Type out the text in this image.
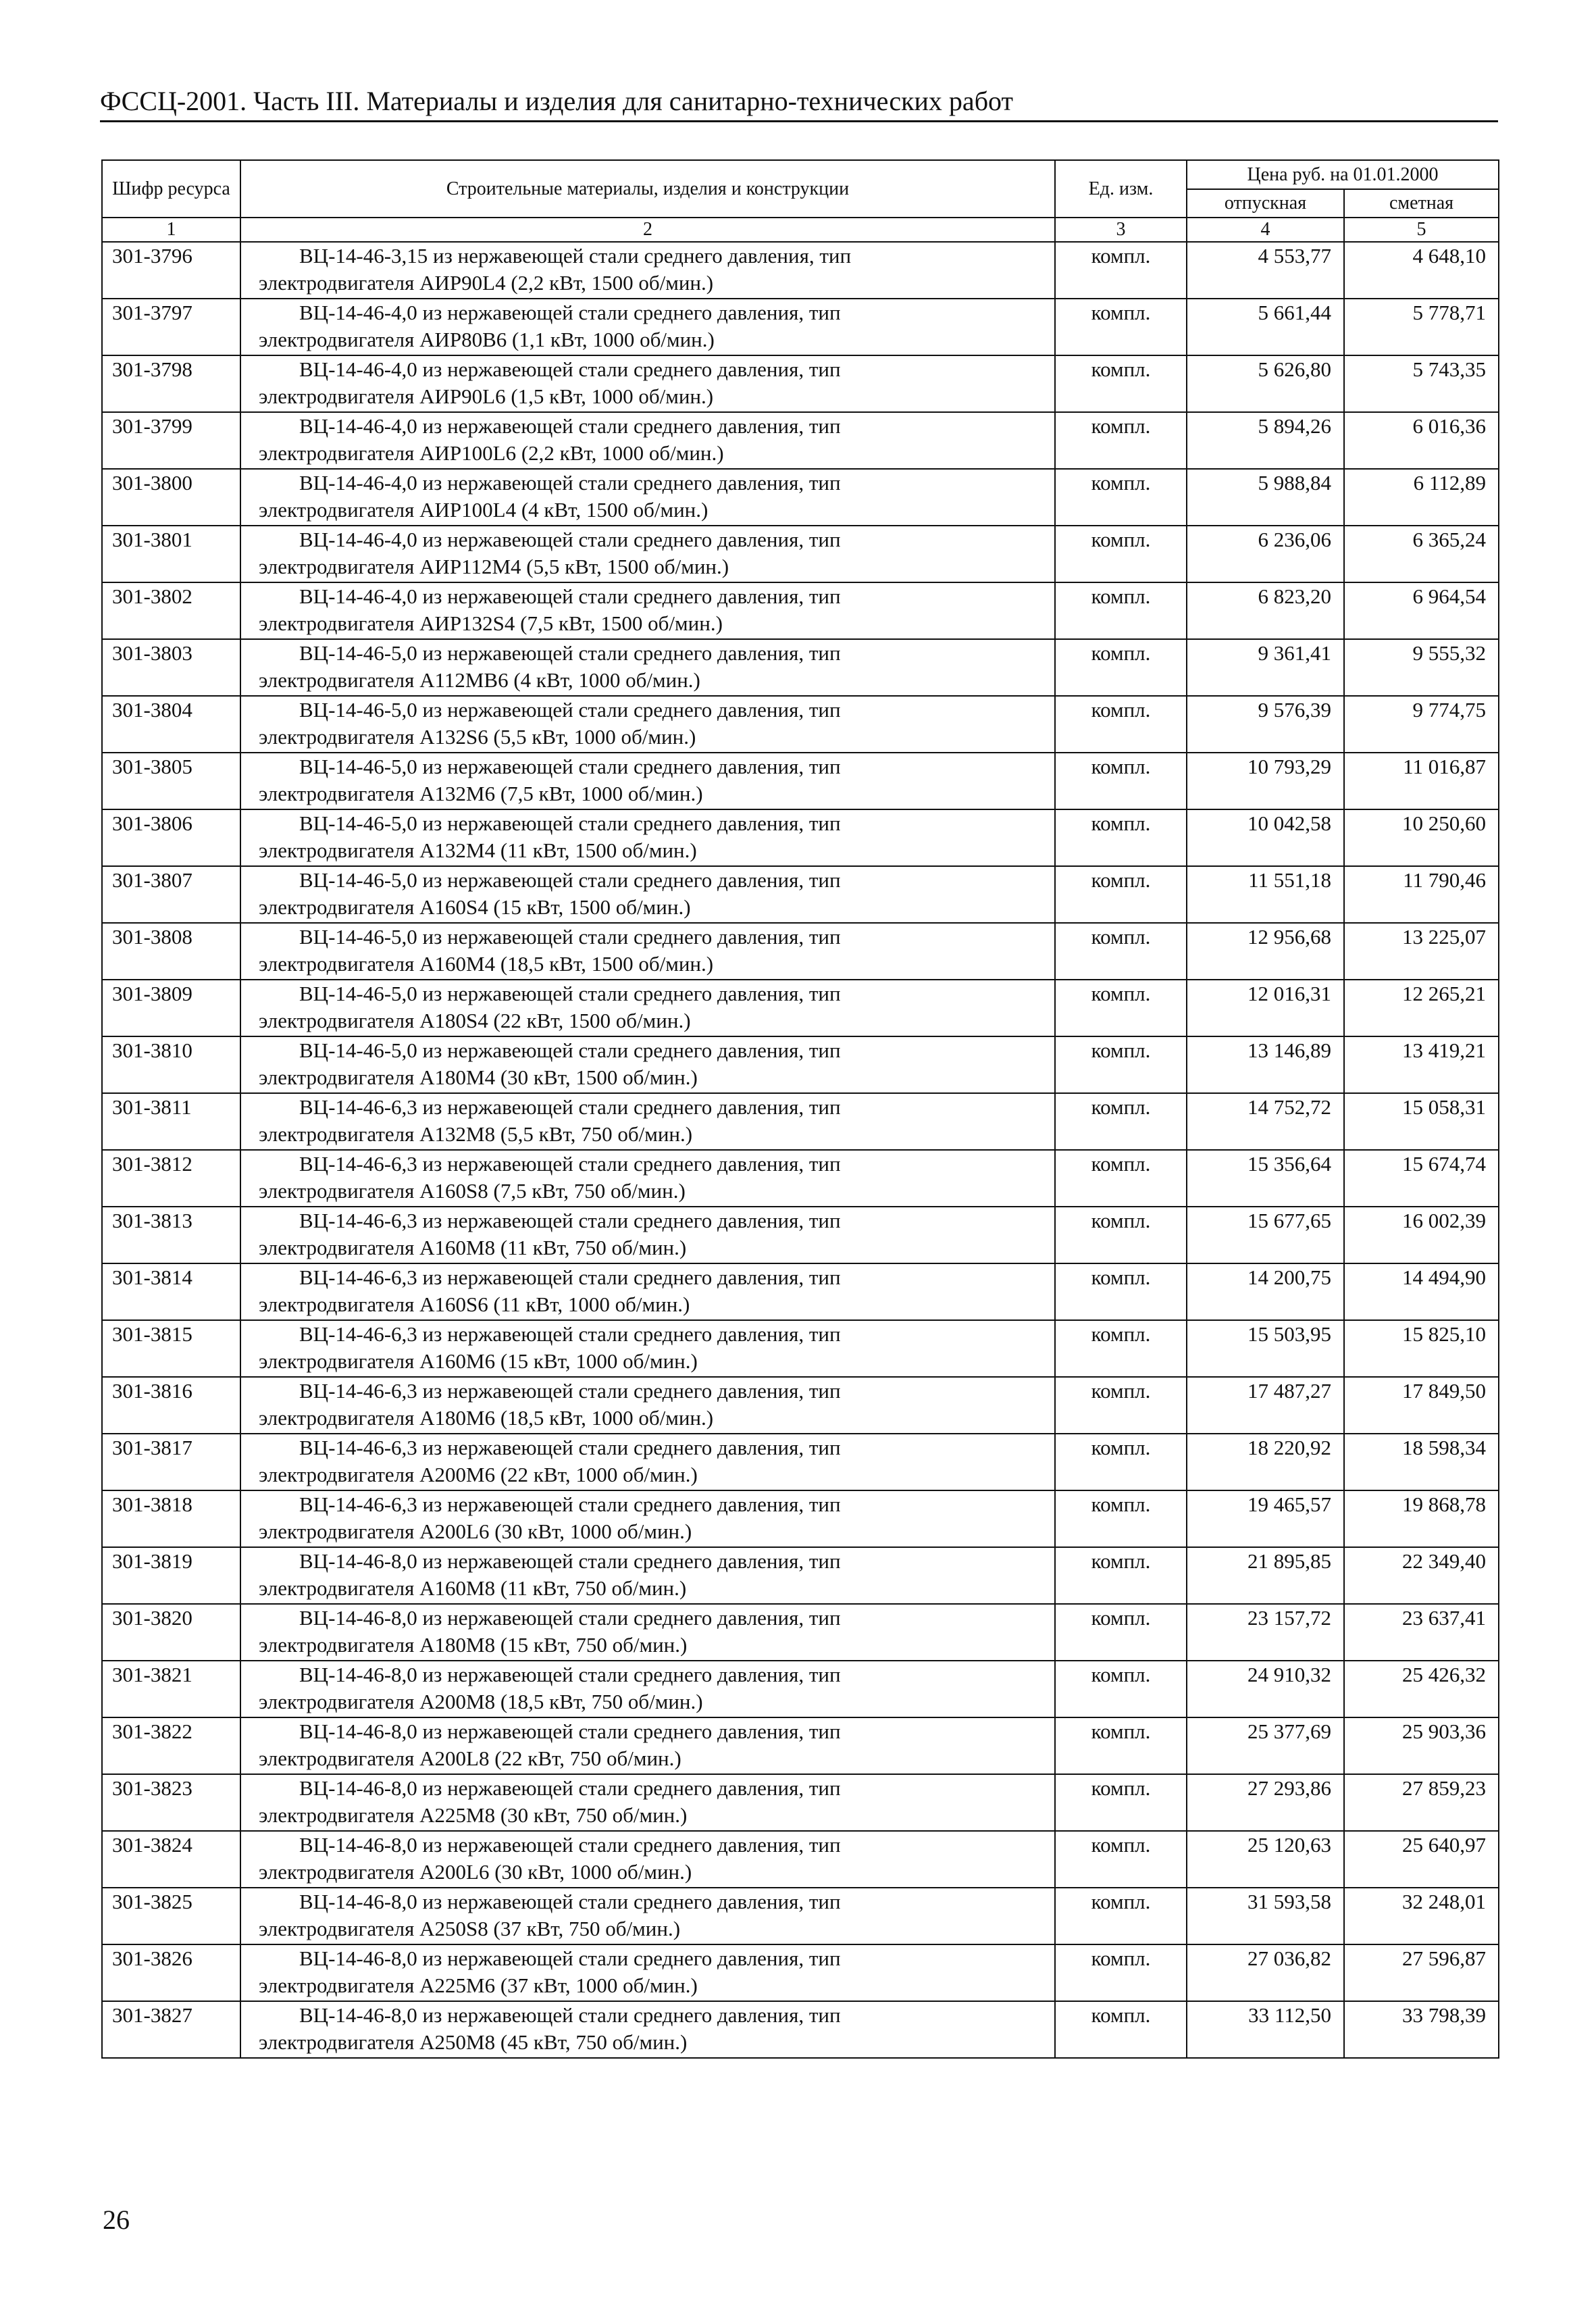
ФССЦ-2001. Часть III. Материалы и изделия для санитарно-технических работ
Шифр ресурса	Строительные материалы, изделия и конструкции	Ед. изм.	Цена руб. на 01.01.2000	
			отпускная	сметная
1	2	3	4	5
301-3796	ВЦ-14-46-3,15 из нержавеющей стали среднего давления, тип
электродвигателя АИР90L4 (2,2 кВт, 1500 об/мин.)	компл.	4 553,77	4 648,10
301-3797	ВЦ-14-46-4,0 из нержавеющей стали среднего давления, тип
электродвигателя АИР80В6 (1,1 кВт, 1000 об/мин.)	компл.	5 661,44	5 778,71
301-3798	ВЦ-14-46-4,0 из нержавеющей стали среднего давления, тип
электродвигателя АИР90L6 (1,5 кВт, 1000 об/мин.)	компл.	5 626,80	5 743,35
301-3799	ВЦ-14-46-4,0 из нержавеющей стали среднего давления, тип
электродвигателя АИР100L6 (2,2 кВт, 1000 об/мин.)	компл.	5 894,26	6 016,36
301-3800	ВЦ-14-46-4,0 из нержавеющей стали среднего давления, тип
электродвигателя АИР100L4 (4 кВт, 1500 об/мин.)	компл.	5 988,84	6 112,89
301-3801	ВЦ-14-46-4,0 из нержавеющей стали среднего давления, тип
электродвигателя АИР112М4 (5,5 кВт, 1500 об/мин.)	компл.	6 236,06	6 365,24
301-3802	ВЦ-14-46-4,0 из нержавеющей стали среднего давления, тип
электродвигателя АИР132S4 (7,5 кВт, 1500 об/мин.)	компл.	6 823,20	6 964,54
301-3803	ВЦ-14-46-5,0 из нержавеющей стали среднего давления, тип
электродвигателя А112МВ6 (4 кВт, 1000 об/мин.)	компл.	9 361,41	9 555,32
301-3804	ВЦ-14-46-5,0 из нержавеющей стали среднего давления, тип
электродвигателя А132S6 (5,5 кВт, 1000 об/мин.)	компл.	9 576,39	9 774,75
301-3805	ВЦ-14-46-5,0 из нержавеющей стали среднего давления, тип
электродвигателя А132М6 (7,5 кВт, 1000 об/мин.)	компл.	10 793,29	11 016,87
301-3806	ВЦ-14-46-5,0 из нержавеющей стали среднего давления, тип
электродвигателя А132М4 (11 кВт, 1500 об/мин.)	компл.	10 042,58	10 250,60
301-3807	ВЦ-14-46-5,0 из нержавеющей стали среднего давления, тип
электродвигателя А160S4 (15 кВт, 1500 об/мин.)	компл.	11 551,18	11 790,46
301-3808	ВЦ-14-46-5,0 из нержавеющей стали среднего давления, тип
электродвигателя А160М4 (18,5 кВт, 1500 об/мин.)	компл.	12 956,68	13 225,07
301-3809	ВЦ-14-46-5,0 из нержавеющей стали среднего давления, тип
электродвигателя А180S4 (22 кВт, 1500 об/мин.)	компл.	12 016,31	12 265,21
301-3810	ВЦ-14-46-5,0 из нержавеющей стали среднего давления, тип
электродвигателя А180М4 (30 кВт, 1500 об/мин.)	компл.	13 146,89	13 419,21
301-3811	ВЦ-14-46-6,3 из нержавеющей стали среднего давления, тип
электродвигателя А132М8 (5,5 кВт, 750 об/мин.)	компл.	14 752,72	15 058,31
301-3812	ВЦ-14-46-6,3 из нержавеющей стали среднего давления, тип
электродвигателя А160S8 (7,5 кВт, 750 об/мин.)	компл.	15 356,64	15 674,74
301-3813	ВЦ-14-46-6,3 из нержавеющей стали среднего давления, тип
электродвигателя А160М8 (11 кВт, 750 об/мин.)	компл.	15 677,65	16 002,39
301-3814	ВЦ-14-46-6,3 из нержавеющей стали среднего давления, тип
электродвигателя А160S6 (11 кВт, 1000 об/мин.)	компл.	14 200,75	14 494,90
301-3815	ВЦ-14-46-6,3 из нержавеющей стали среднего давления, тип
электродвигателя А160М6 (15 кВт, 1000 об/мин.)	компл.	15 503,95	15 825,10
301-3816	ВЦ-14-46-6,3 из нержавеющей стали среднего давления, тип
электродвигателя А180М6 (18,5 кВт, 1000 об/мин.)	компл.	17 487,27	17 849,50
301-3817	ВЦ-14-46-6,3 из нержавеющей стали среднего давления, тип
электродвигателя А200М6 (22 кВт, 1000 об/мин.)	компл.	18 220,92	18 598,34
301-3818	ВЦ-14-46-6,3 из нержавеющей стали среднего давления, тип
электродвигателя А200L6 (30 кВт, 1000 об/мин.)	компл.	19 465,57	19 868,78
301-3819	ВЦ-14-46-8,0 из нержавеющей стали среднего давления, тип
электродвигателя А160М8 (11 кВт, 750 об/мин.)	компл.	21 895,85	22 349,40
301-3820	ВЦ-14-46-8,0 из нержавеющей стали среднего давления, тип
электродвигателя А180М8 (15 кВт, 750 об/мин.)	компл.	23 157,72	23 637,41
301-3821	ВЦ-14-46-8,0 из нержавеющей стали среднего давления, тип
электродвигателя А200М8 (18,5 кВт, 750 об/мин.)	компл.	24 910,32	25 426,32
301-3822	ВЦ-14-46-8,0 из нержавеющей стали среднего давления, тип
электродвигателя А200L8 (22 кВт, 750 об/мин.)	компл.	25 377,69	25 903,36
301-3823	ВЦ-14-46-8,0 из нержавеющей стали среднего давления, тип
электродвигателя А225М8 (30 кВт, 750 об/мин.)	компл.	27 293,86	27 859,23
301-3824	ВЦ-14-46-8,0 из нержавеющей стали среднего давления, тип
электродвигателя А200L6 (30 кВт, 1000 об/мин.)	компл.	25 120,63	25 640,97
301-3825	ВЦ-14-46-8,0 из нержавеющей стали среднего давления, тип
электродвигателя А250S8 (37 кВт, 750 об/мин.)	компл.	31 593,58	32 248,01
301-3826	ВЦ-14-46-8,0 из нержавеющей стали среднего давления, тип
электродвигателя А225М6 (37 кВт, 1000 об/мин.)	компл.	27 036,82	27 596,87
301-3827	ВЦ-14-46-8,0 из нержавеющей стали среднего давления, тип
электродвигателя А250М8 (45 кВт, 750 об/мин.)	компл.	33 112,50	33 798,39
26
